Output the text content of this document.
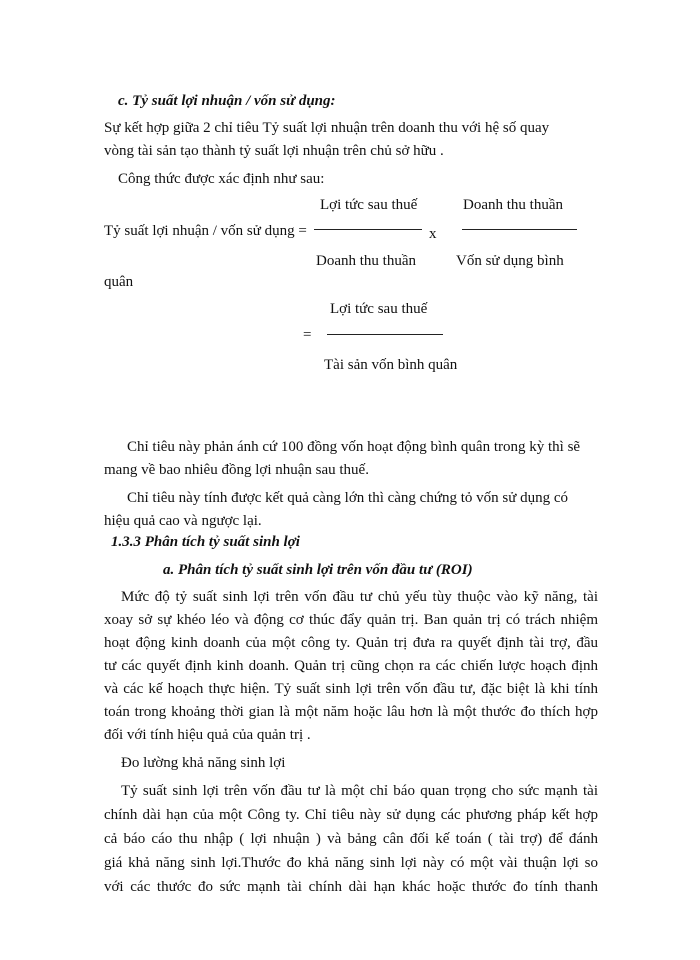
c. Tỷ suất lợi nhuận / vốn sử dụng:
Sự kết hợp giữa 2 chỉ tiêu Tỷ suất lợi nhuận trên doanh thu với hệ số quay
vòng tài sản tạo thành tỷ suất lợi nhuận trên chủ sở hữu .
Công thức được xác định như sau:
Lợi tức sau thuế	Doanh thu thuần
Tỷ suất lợi nhuận / vốn sử dụng =	x
Doanh thu thuần	Vốn sử dụng bình
quân
Lợi tức sau thuế
=
Tài sản vốn bình quân
Chỉ tiêu này phản ánh cứ 100 đồng vốn hoạt động bình quân trong kỳ thì sẽ
mang về bao nhiêu đồng lợi nhuận sau thuế.
Chỉ tiêu này tính được kết quả càng lớn thì càng chứng tỏ vốn sử dụng có
hiệu quả cao và ngược lại.
1.3.3 Phân tích tỷ suất sinh lợi
a. Phân tích tỷ suất sinh lợi trên vốn đầu tư (ROI)
Mức độ tỷ suất sinh lợi trên vốn đầu tư chủ yếu tùy thuộc vào kỹ năng, tài
xoay sở sự khéo léo và động cơ thúc đẩy quản trị. Ban quản trị có trách nhiệm
hoạt động kinh doanh của một công ty. Quản trị đưa ra quyết định tài trợ, đầu
tư các quyết định kinh doanh. Quản trị cũng chọn ra các chiến lược hoạch định
và các kế hoạch thực hiện. Tỷ suất sinh lợi trên vốn đầu tư, đặc biệt là khi tính
toán trong khoảng thời gian là một năm hoặc lâu hơn là một thước đo thích hợp
đối với tính hiệu quả của quản trị .
Đo lường khả năng sinh lợi
Tỷ suất sinh lợi trên vốn đầu tư là một chỉ báo quan trọng cho sức mạnh tài
chính dài hạn của một Công ty. Chỉ tiêu này sử dụng các phương pháp kết hợp
cả báo cáo thu nhập ( lợi nhuận ) và bảng cân đối kế toán ( tài trợ) để đánh
giá khả năng sinh lợi.Thước đo khả năng sinh lợi này có một vài thuận lợi so
với các thước đo sức mạnh tài chính dài hạn khác hoặc thước đo tính thanh
